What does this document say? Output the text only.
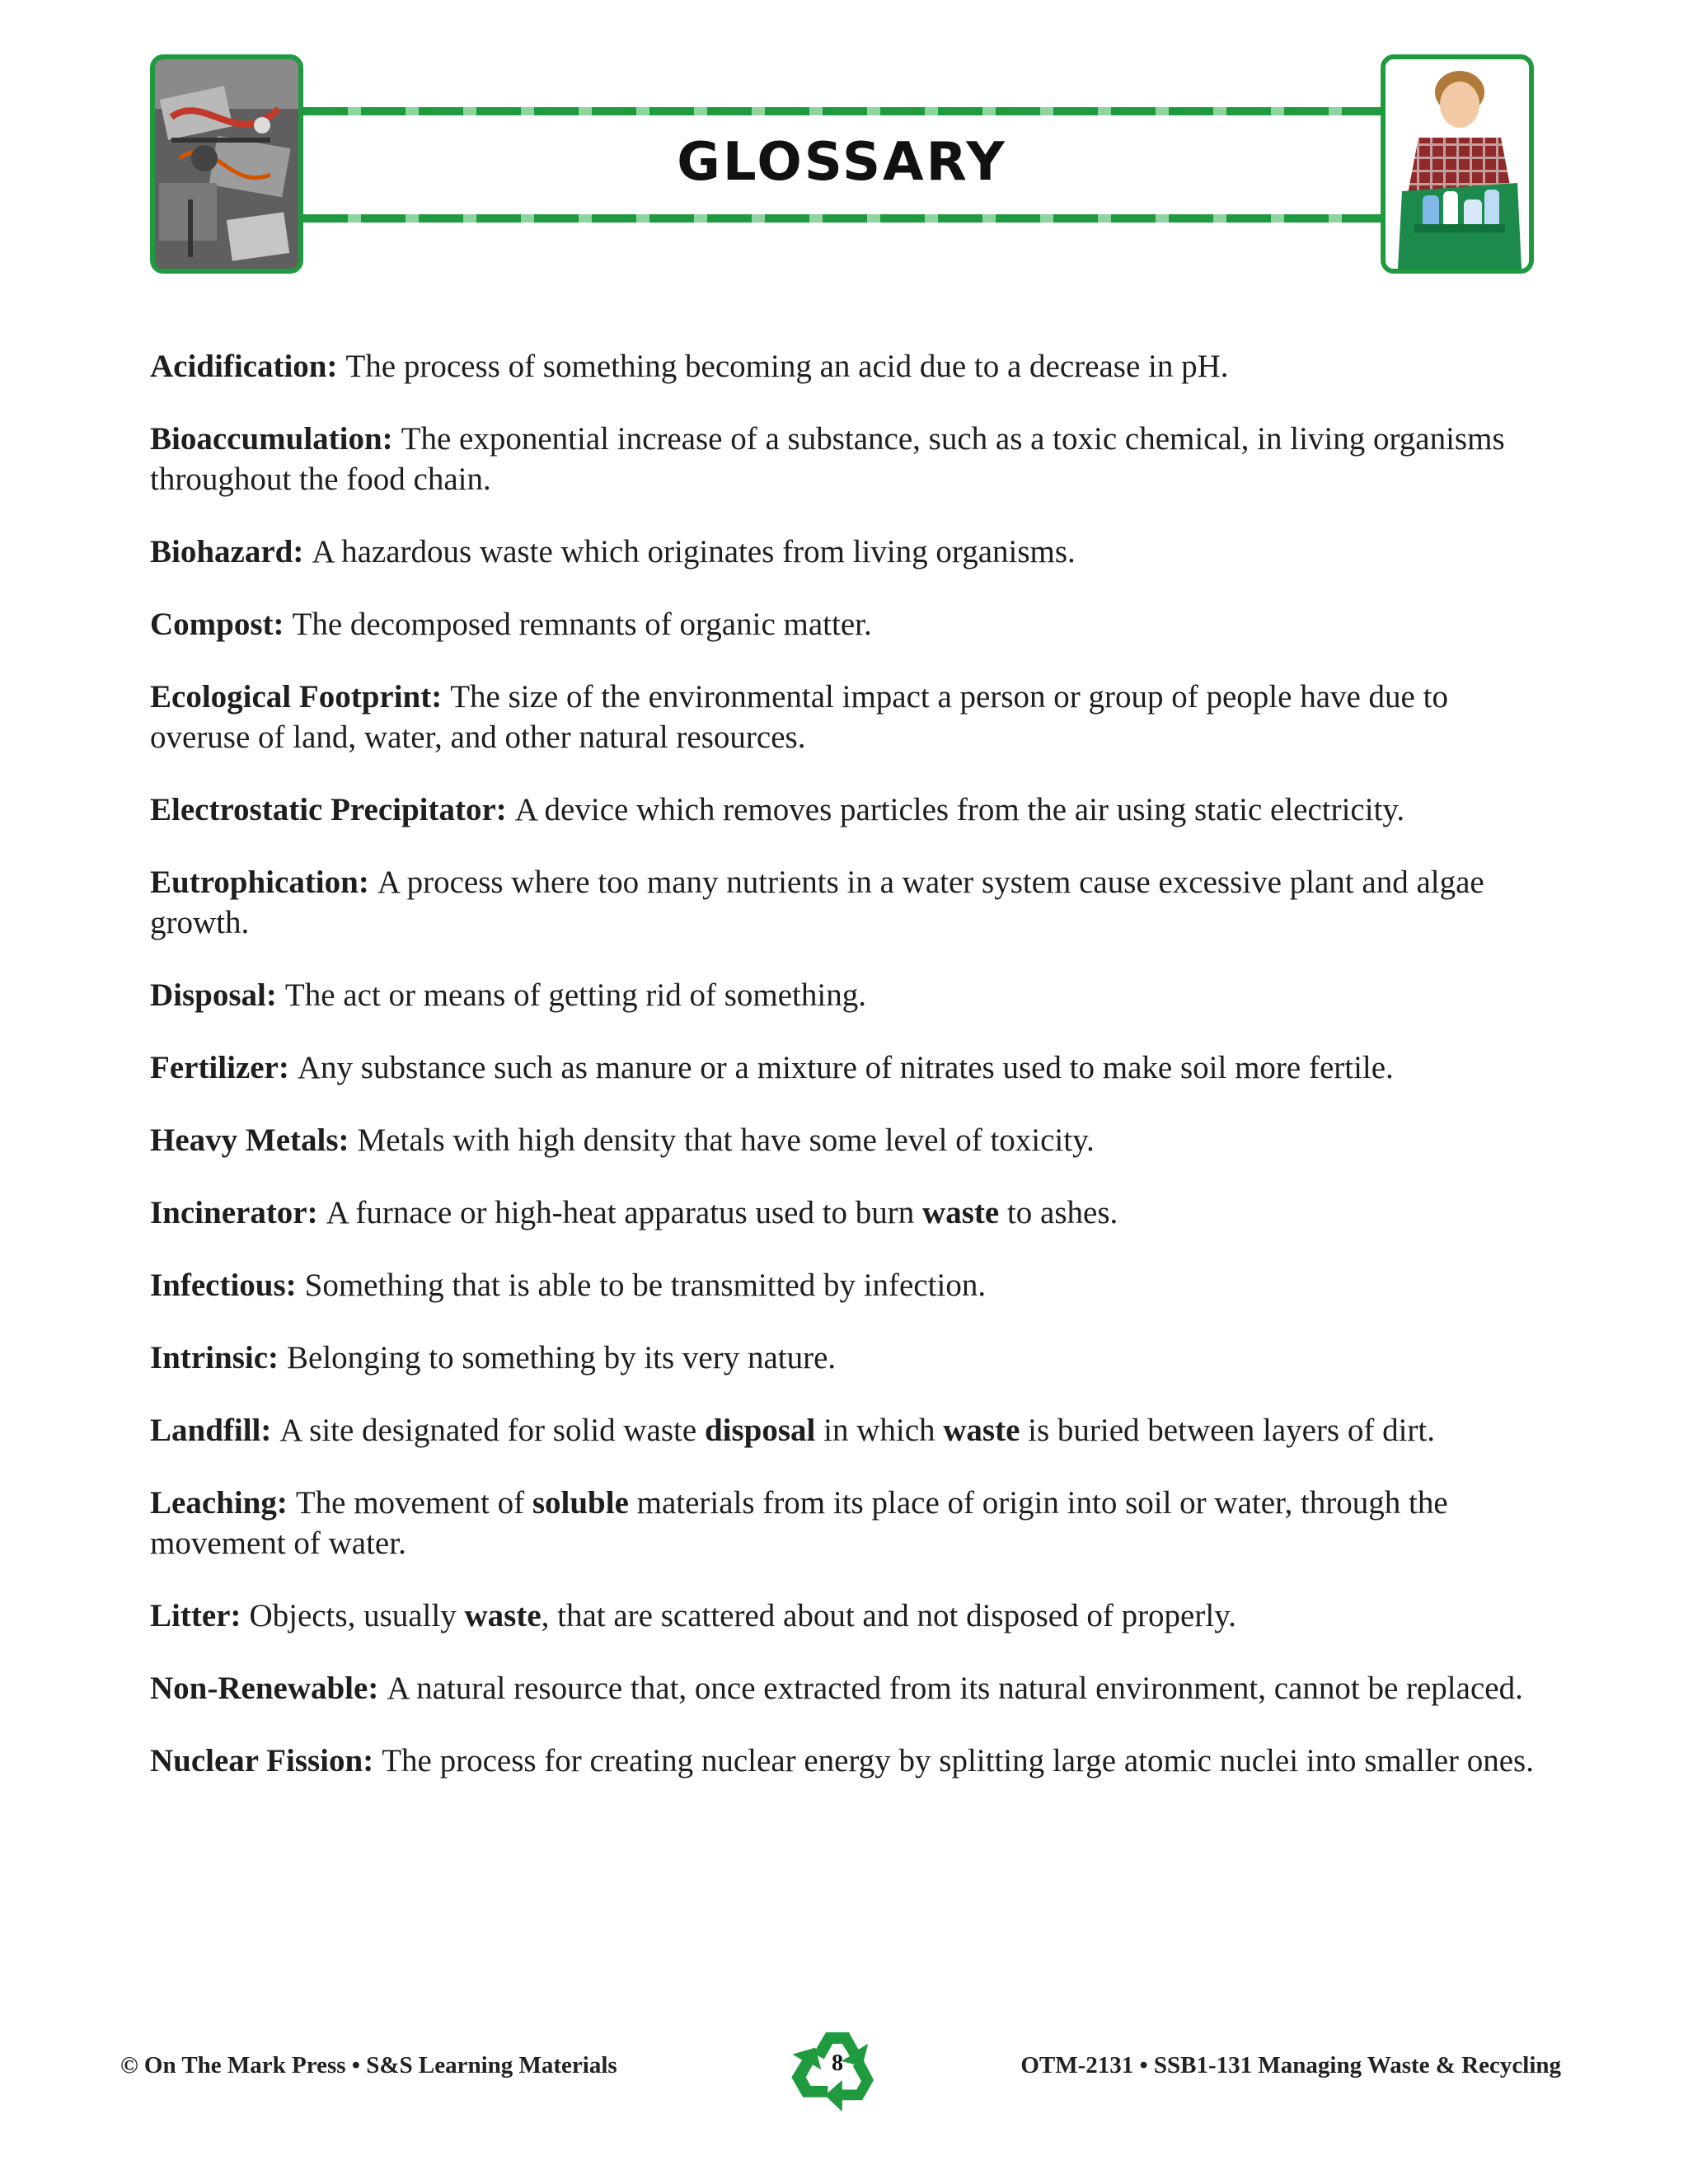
GLOSSARY

Acidification: The process of something becoming an acid due to a decrease in pH.

Bioaccumulation: The exponential increase of a substance, such as a toxic chemical, in living organisms throughout the food chain.

Biohazard: A hazardous waste which originates from living organisms.

Compost: The decomposed remnants of organic matter.

Ecological Footprint: The size of the environmental impact a person or group of people have due to overuse of land, water, and other natural resources.

Electrostatic Precipitator: A device which removes particles from the air using static electricity.

Eutrophication: A process where too many nutrients in a water system cause excessive plant and algae growth.

Disposal: The act or means of getting rid of something.

Fertilizer: Any substance such as manure or a mixture of nitrates used to make soil more fertile.

Heavy Metals: Metals with high density that have some level of toxicity.

Incinerator: A furnace or high-heat apparatus used to burn waste to ashes.

Infectious: Something that is able to be transmitted by infection.

Intrinsic: Belonging to something by its very nature.

Landfill: A site designated for solid waste disposal in which waste is buried between layers of dirt.

Leaching: The movement of soluble materials from its place of origin into soil or water, through the movement of water.

Litter: Objects, usually waste, that are scattered about and not disposed of properly.

Non-Renewable: A natural resource that, once extracted from its natural environment, cannot be replaced.

Nuclear Fission: The process for creating nuclear energy by splitting large atomic nuclei into smaller ones.

© On The Mark Press • S&S Learning Materials	8	OTM-2131 • SSB1-131 Managing Waste & Recycling
